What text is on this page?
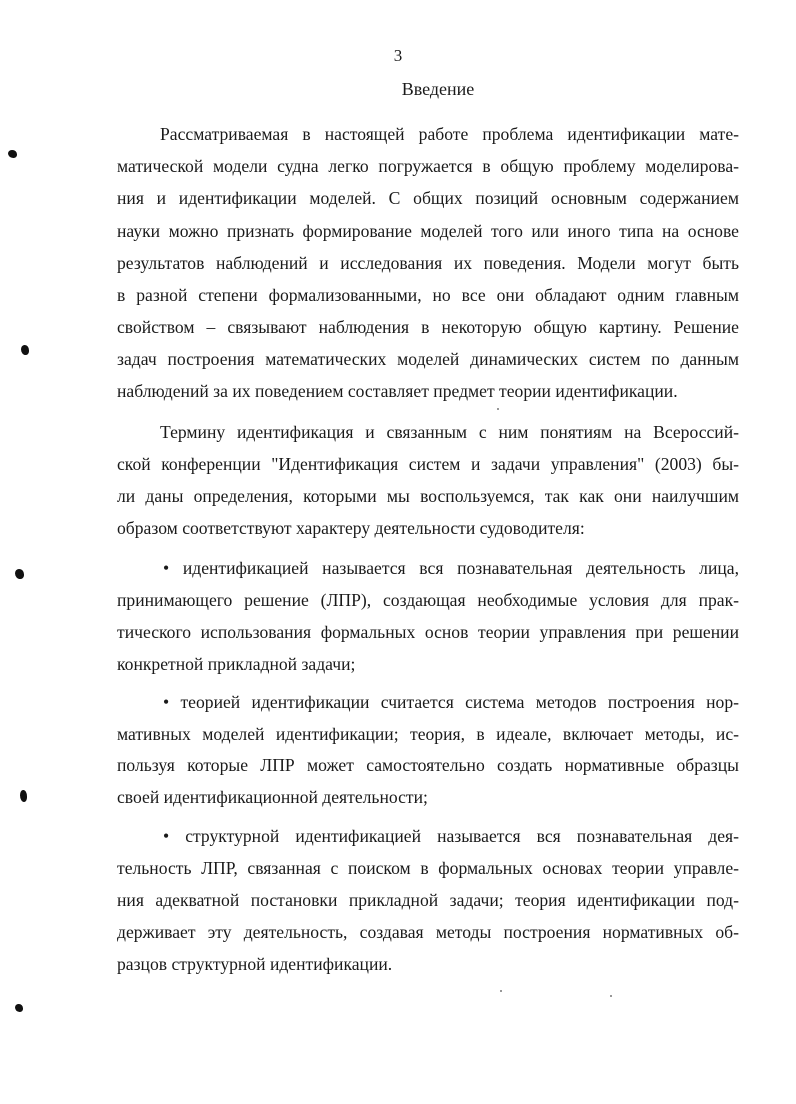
3
Введение
Рассматриваемая в настоящей работе проблема идентификации мате-
матической модели судна легко погружается в общую проблему моделирова-
ния и идентификации моделей. С общих позиций основным содержанием
науки можно признать формирование моделей того или иного типа на основе
результатов наблюдений и исследования их поведения. Модели могут быть
в разной степени формализованными, но все они обладают одним главным
свойством – связывают наблюдения в некоторую общую картину. Решение
задач построения математических моделей динамических систем по данным
наблюдений за их поведением составляет предмет теории идентификации.
Термину идентификация и связанным с ним понятиям на Всероссий-
ской конференции "Идентификация систем и задачи управления" (2003) бы-
ли даны определения, которыми мы воспользуемся, так как они наилучшим
образом соответствуют характеру деятельности судоводителя:
• идентификацией называется вся познавательная деятельность лица,
принимающего решение (ЛПР), создающая необходимые условия для прак-
тического использования формальных основ теории управления при решении
конкретной прикладной задачи;
• теорией идентификации считается система методов построения нор-
мативных моделей идентификации; теория, в идеале, включает методы, ис-
пользуя которые ЛПР может самостоятельно создать нормативные образцы
своей идентификационной деятельности;
• структурной идентификацией называется вся познавательная дея-
тельность ЛПР, связанная с поиском в формальных основах теории управле-
ния адекватной постановки прикладной задачи; теория идентификации под-
держивает эту деятельность, создавая методы построения нормативных об-
разцов структурной идентификации.
